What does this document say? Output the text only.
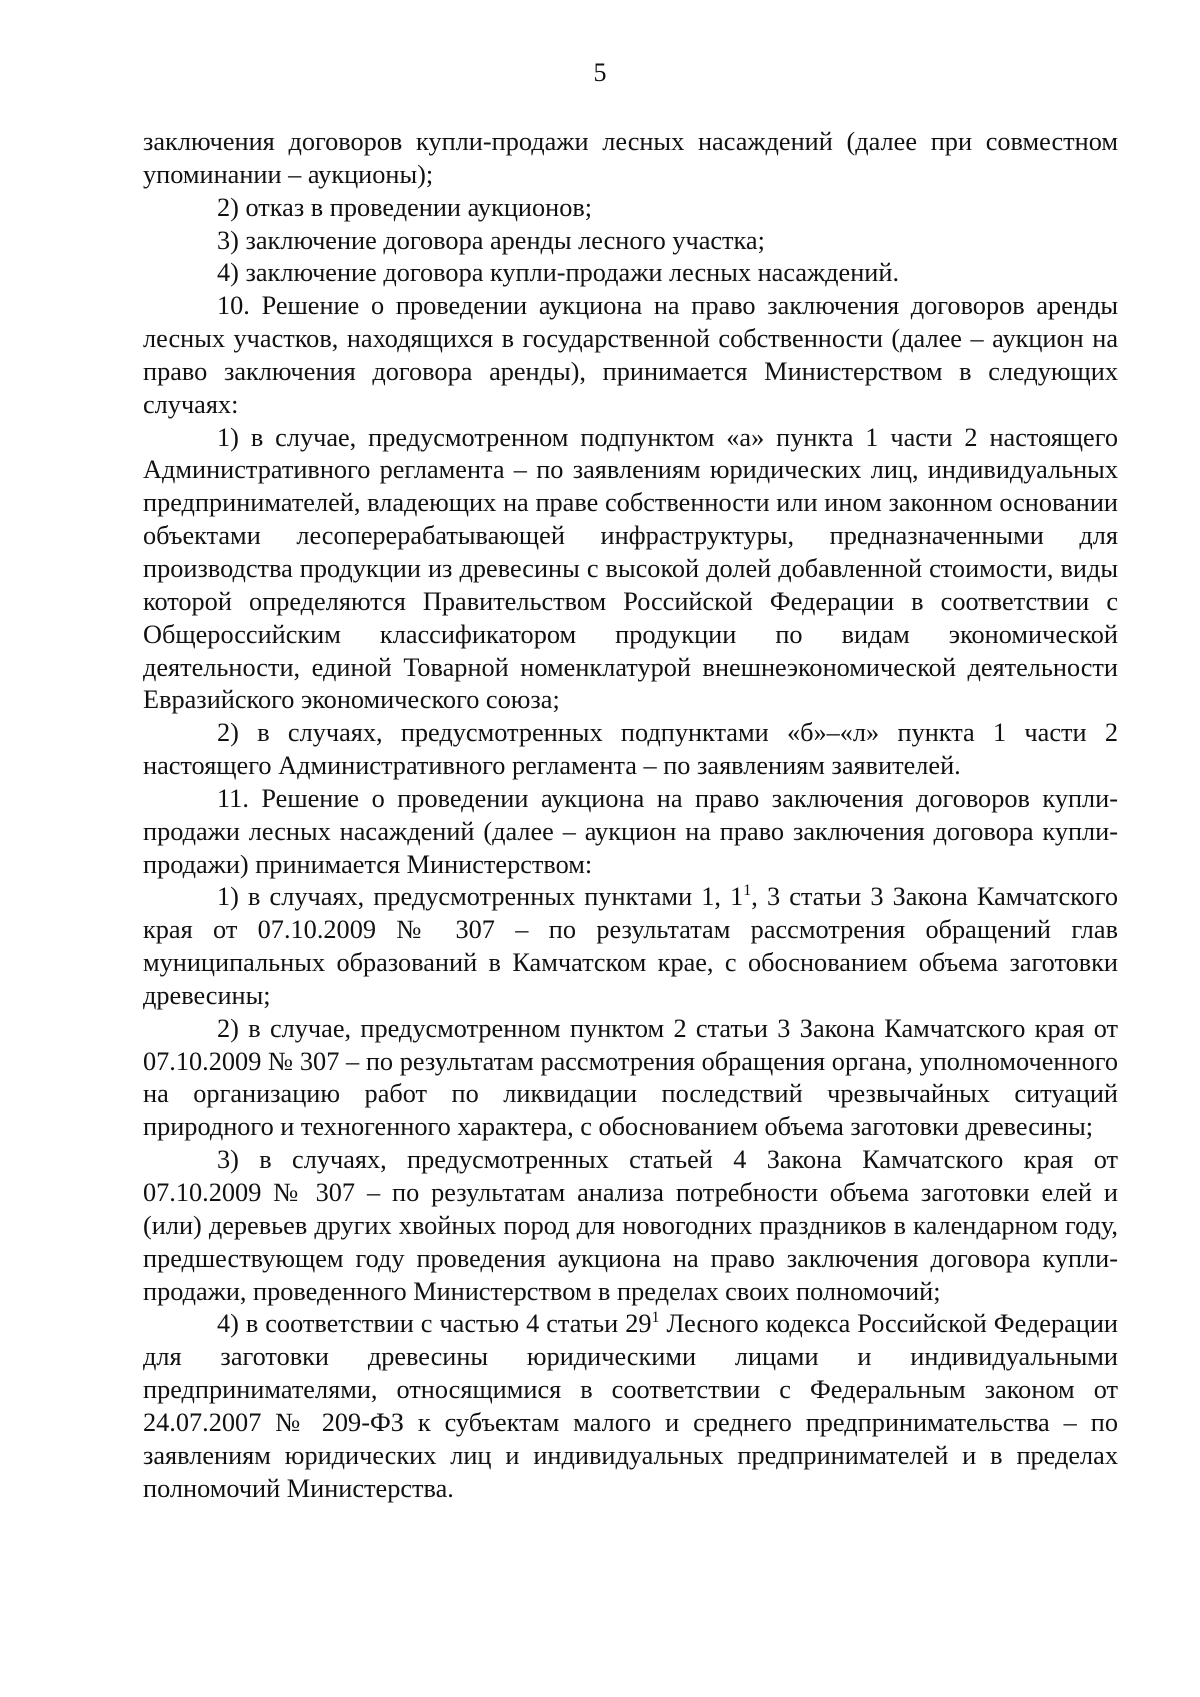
5

заключения договоров купли-продажи лесных насаждений (далее при совместном упоминании – аукционы);

2) отказ в проведении аукционов;

3) заключение договора аренды лесного участка;

4) заключение договора купли-продажи лесных насаждений.

10. Решение о проведении аукциона на право заключения договоров аренды лесных участков, находящихся в государственной собственности (далее – аукцион на право заключения договора аренды), принимается Министерством в следующих случаях:

1) в случае, предусмотренном подпунктом «а» пункта 1 части 2 настоящего Административного регламента – по заявлениям юридических лиц, индивидуальных предпринимателей, владеющих на праве собственности или ином законном основании объектами лесоперерабатывающей инфраструктуры, предназначенными для производства продукции из древесины с высокой долей добавленной стоимости, виды которой определяются Правительством Российской Федерации в соответствии с Общероссийским классификатором продукции по видам экономической деятельности, единой Товарной номенклатурой внешнеэкономической деятельности Евразийского экономического союза;

2) в случаях, предусмотренных подпунктами «б»–«л» пункта 1 части 2 настоящего Административного регламента – по заявлениям заявителей.

11. Решение о проведении аукциона на право заключения договоров купли-продажи лесных насаждений (далее – аукцион на право заключения договора купли-продажи) принимается Министерством:

1) в случаях, предусмотренных пунктами 1, $1^1$, 3 статьи 3 Закона Камчатского края от 07.10.2009 № 307 – по результатам рассмотрения обращений глав муниципальных образований в Камчатском крае, с обоснованием объема заготовки древесины;

2) в случае, предусмотренном пунктом 2 статьи 3 Закона Камчатского края от 07.10.2009 № 307 – по результатам рассмотрения обращения органа, уполномоченного на организацию работ по ликвидации последствий чрезвычайных ситуаций природного и техногенного характера, с обоснованием объема заготовки древесины;

3) в случаях, предусмотренных статьей 4 Закона Камчатского края от 07.10.2009 № 307 – по результатам анализа потребности объема заготовки елей и (или) деревьев других хвойных пород для новогодних праздников в календарном году, предшествующем году проведения аукциона на право заключения договора купли-продажи, проведенного Министерством в пределах своих полномочий;

4) в соответствии с частью 4 статьи $29^1$ Лесного кодекса Российской Федерации для заготовки древесины юридическими лицами и индивидуальными предпринимателями, относящимися в соответствии с Федеральным законом от 24.07.2007 № 209-ФЗ к субъектам малого и среднего предпринимательства – по заявлениям юридических лиц и индивидуальных предпринимателей и в пределах полномочий Министерства.
